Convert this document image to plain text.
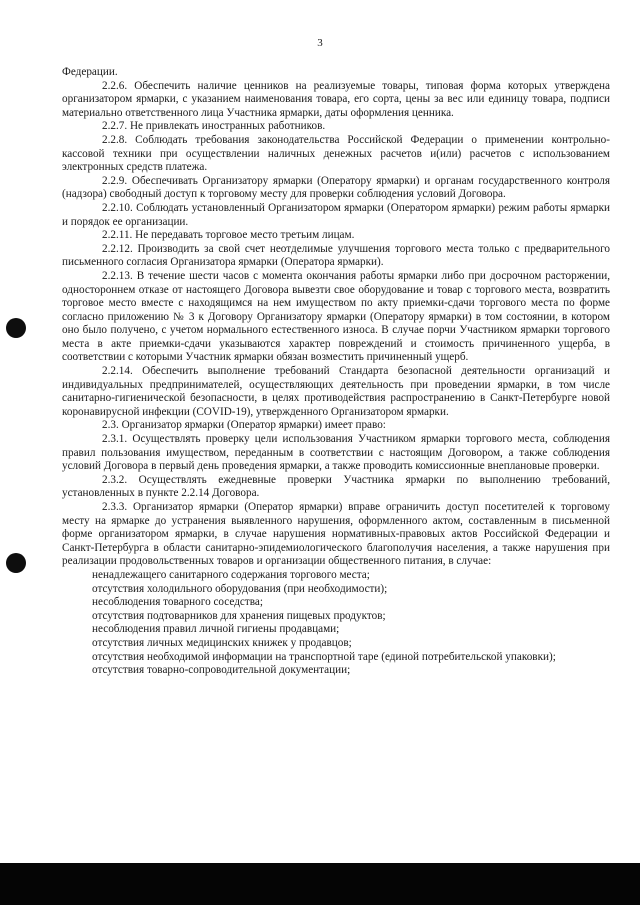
3

Федерации.

2.2.6. Обеспечить наличие ценников на реализуемые товары, типовая форма которых утверждена организатором ярмарки, с указанием наименования товара, его сорта, цены за вес или единицу товара, подписи материально ответственного лица Участника ярмарки, даты оформления ценника.

2.2.7. Не привлекать иностранных работников.

2.2.8. Соблюдать требования законодательства Российской Федерации о применении контрольно-кассовой техники при осуществлении наличных денежных расчетов и(или) расчетов с использованием электронных средств платежа.

2.2.9. Обеспечивать Организатору ярмарки (Оператору ярмарки) и органам государственного контроля (надзора) свободный доступ к торговому месту для проверки соблюдения условий Договора.

2.2.10. Соблюдать установленный Организатором ярмарки (Оператором ярмарки) режим работы ярмарки и порядок ее организации.

2.2.11. Не передавать торговое место третьим лицам.

2.2.12. Производить за свой счет неотделимые улучшения торгового места только с предварительного письменного согласия Организатора ярмарки (Оператора ярмарки).

2.2.13. В течение шести часов с момента окончания работы ярмарки либо при досрочном расторжении, одностороннем отказе от настоящего Договора вывезти свое оборудование и товар с торгового места, возвратить торговое место вместе с находящимся на нем имуществом по акту приемки-сдачи торгового места по форме согласно приложению № 3 к Договору Организатору ярмарки (Оператору ярмарки) в том состоянии, в котором оно было получено, с учетом нормального естественного износа. В случае порчи Участником ярмарки торгового места в акте приемки-сдачи указываются характер повреждений и стоимость причиненного ущерба, в соответствии с которыми Участник ярмарки обязан возместить причиненный ущерб.

2.2.14. Обеспечить выполнение требований Стандарта безопасной деятельности организаций и индивидуальных предпринимателей, осуществляющих деятельность при проведении ярмарки, в том числе санитарно-гигиенической безопасности, в целях противодействия распространению в Санкт-Петербурге новой коронавирусной инфекции (COVID-19), утвержденного Организатором ярмарки.

2.3. Организатор ярмарки (Оператор ярмарки) имеет право:

2.3.1. Осуществлять проверку цели использования Участником ярмарки торгового места, соблюдения правил пользования имуществом, переданным в соответствии с настоящим Договором, а также соблюдения условий Договора в первый день проведения ярмарки, а также проводить комиссионные внеплановые проверки.

2.3.2. Осуществлять ежедневные проверки Участника ярмарки по выполнению требований, установленных в пункте 2.2.14 Договора.

2.3.3. Организатор ярмарки (Оператор ярмарки) вправе ограничить доступ посетителей к торговому месту на ярмарке до устранения выявленного нарушения, оформленного актом, составленным в письменной форме организатором ярмарки, в случае нарушения нормативных-правовых актов Российской Федерации и Санкт-Петербурга в области санитарно-эпидемиологического благополучия населения, а также нарушения при реализации продовольственных товаров и организации общественного питания, в случае:

ненадлежащего санитарного содержания торгового места;

отсутствия холодильного оборудования (при необходимости);

несоблюдения товарного соседства;

отсутствия подтоварников для хранения пищевых продуктов;

несоблюдения правил личной гигиены продавцами;

отсутствия личных медицинских книжек у продавцов;

отсутствия необходимой информации на транспортной таре (единой потребительской упаковки);

отсутствия товарно-сопроводительной документации;
